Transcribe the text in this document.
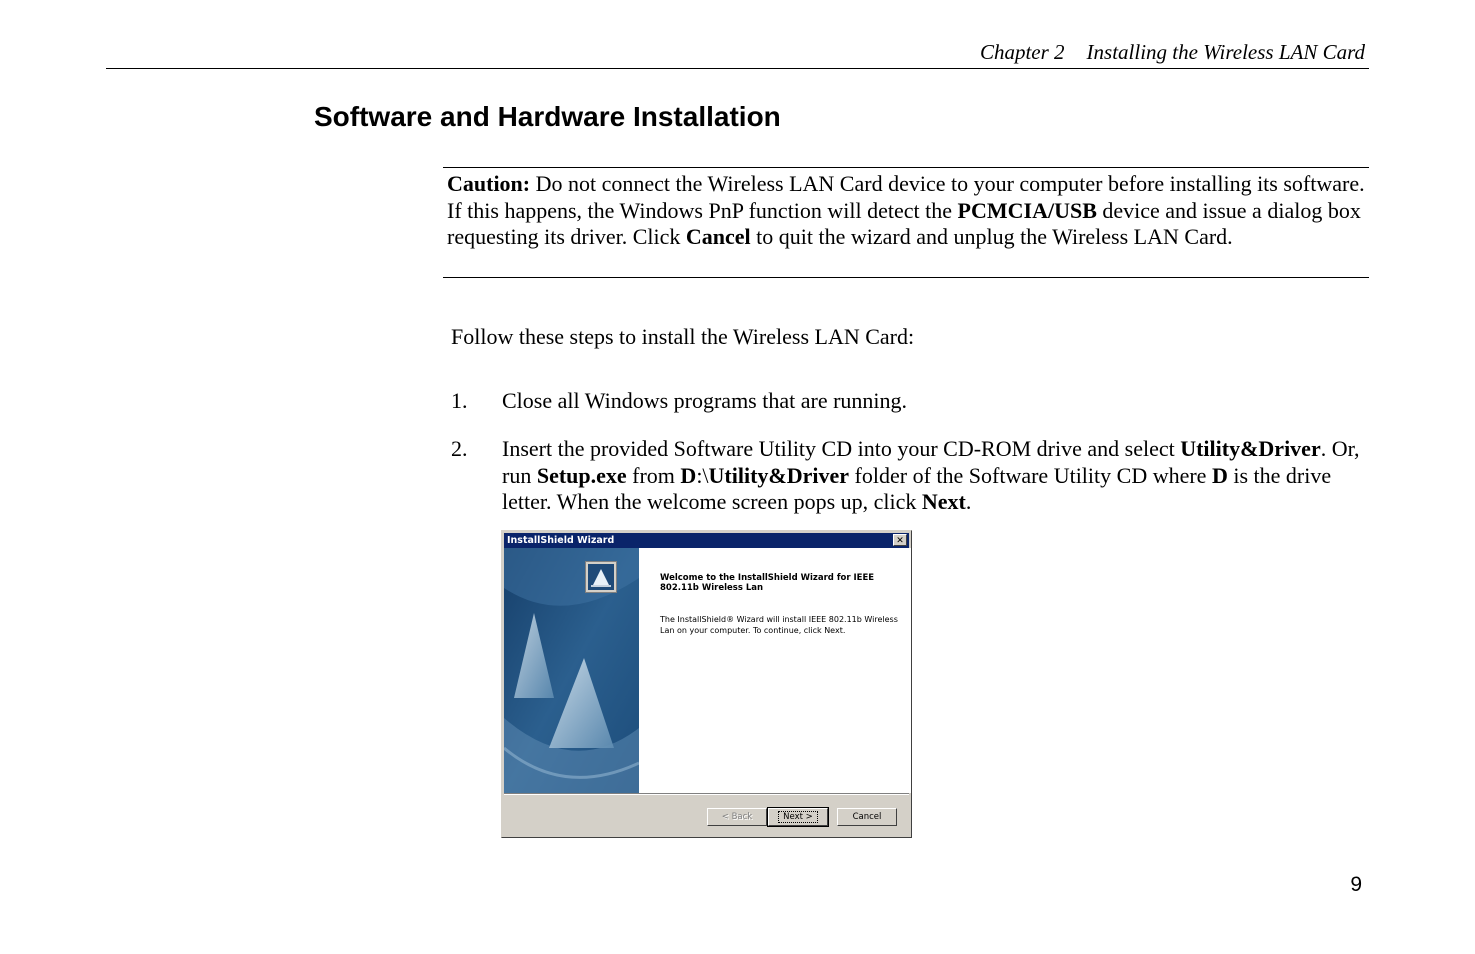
Chapter 2 Installing the Wireless LAN Card
Software and Hardware Installation
Caution: Do not connect the Wireless LAN Card device to your computer before installing its software. If this happens, the Windows PnP function will detect the PCMCIA/USB device and issue a dialog box requesting its driver. Click Cancel to quit the wizard and unplug the Wireless LAN Card.
Follow these steps to install the Wireless LAN Card:
1. Close all Windows programs that are running.
2. Insert the provided Software Utility CD into your CD-ROM drive and select Utility&Driver. Or, run Setup.exe from D:\Utility&Driver folder of the Software Utility CD where D is the drive letter. When the welcome screen pops up, click Next.
InstallShield Wizard	✕
Welcome to the InstallShield Wizard for IEEE 802.11b Wireless Lan
The InstallShield® Wizard will install IEEE 802.11b Wireless Lan on your computer. To continue, click Next.
< Back	Next >	Cancel
9
